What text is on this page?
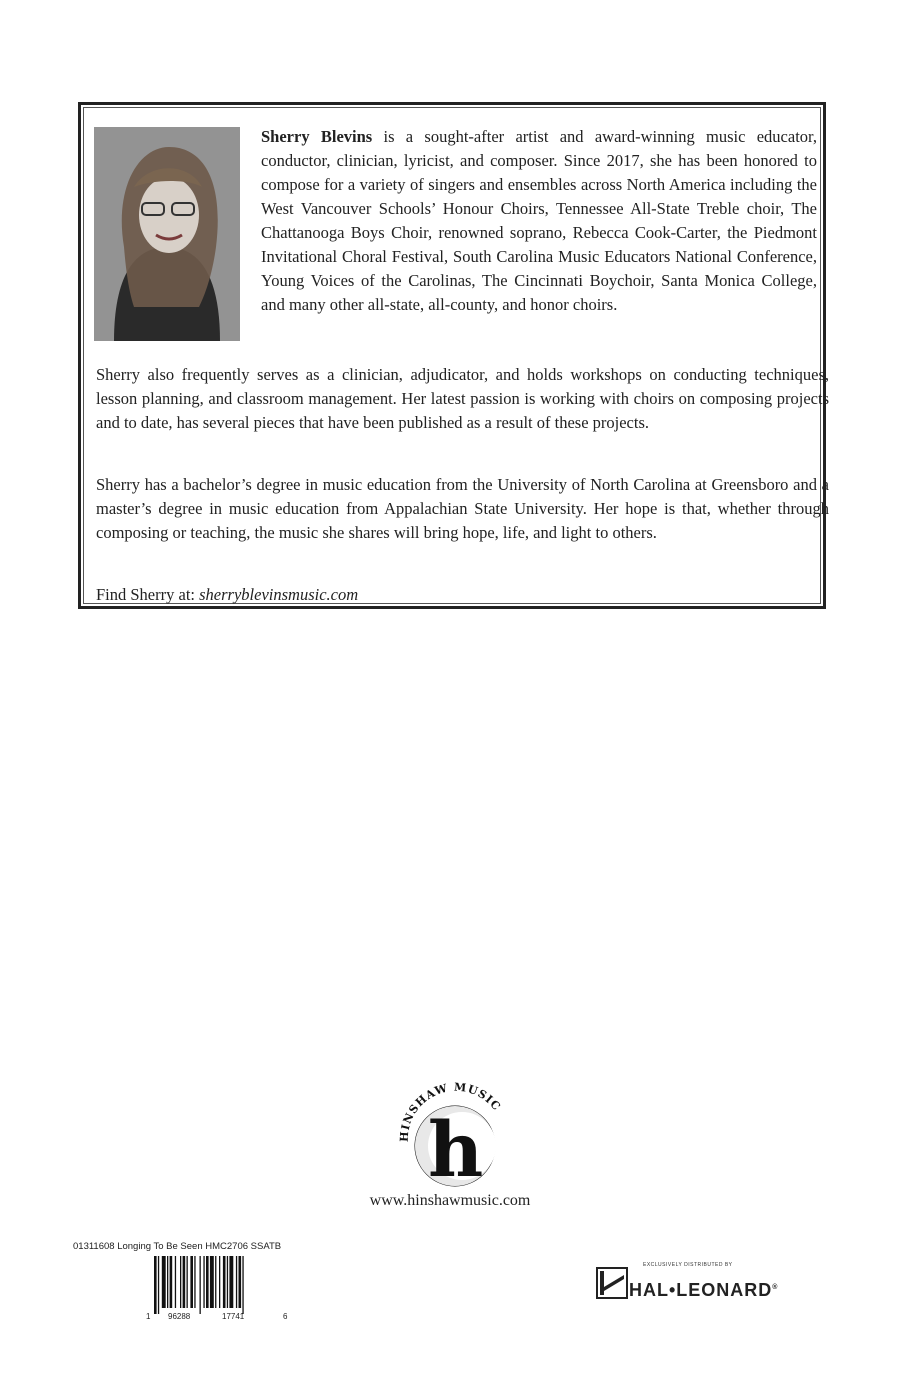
Sherry Blevins is a sought-after artist and award-winning music educator, conductor, clinician, lyricist, and composer. Since 2017, she has been honored to compose for a variety of singers and ensembles across North America including the West Vancouver Schools’ Honour Choirs, Tennessee All-State Treble choir, The Chattanooga Boys Choir, renowned soprano, Rebecca Cook-Carter, the Piedmont Invitational Choral Festival, South Carolina Music Educators National Conference, Young Voices of the Carolinas, The Cincinnati Boychoir, Santa Monica College, and many other all-state, all-county, and honor choirs.

Sherry also frequently serves as a clinician, adjudicator, and holds workshops on conducting techniques, lesson planning, and classroom management. Her latest passion is working with choirs on composing projects and to date, has several pieces that have been published as a result of these projects.

Sherry has a bachelor’s degree in music education from the University of North Carolina at Greensboro and a master’s degree in music education from Appalachian State University. Her hope is that, whether through composing or teaching, the music she shares will bring hope, life, and light to others.

Find Sherry at: sherryblevinsmusic.com

HINSHAW MUSIC
h
www.hinshawmusic.com
01311608 Longing To Be Seen HMC2706 SSATB
1 96288	17741	6
EXCLUSIVELY DISTRIBUTED BY
HAL•LEONARD®
